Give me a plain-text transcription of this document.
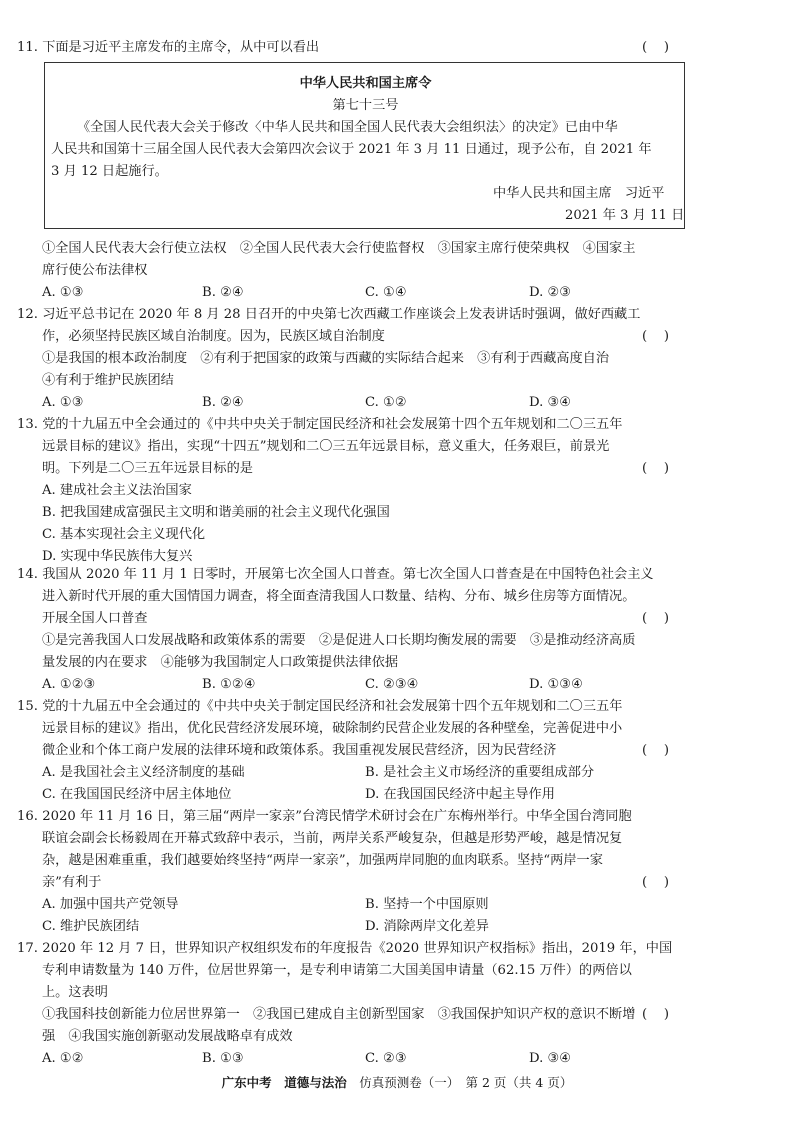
11. 下面是习近平主席发布的主席令，从中可以看出	(    )
中华人民共和国主席令
第七十三号
《全国人民代表大会关于修改〈中华人民共和国全国人民代表大会组织法〉的决定》已由中华
人民共和国第十三届全国人民代表大会第四次会议于 2021 年 3 月 11 日通过，现予公布，自 2021 年
3 月 12 日起施行。
中华人民共和国主席　习近平
2021 年 3 月 11 日
①全国人民代表大会行使立法权　②全国人民代表大会行使监督权　③国家主席行使荣典权　④国家主
席行使公布法律权
A. ①③	B. ②④	C. ①④	D. ②③
12. 习近平总书记在 2020 年 8 月 28 日召开的中央第七次西藏工作座谈会上发表讲话时强调，做好西藏工
作，必须坚持民族区域自治制度。因为，民族区域自治制度	(    )
①是我国的根本政治制度　②有利于把国家的政策与西藏的实际结合起来　③有利于西藏高度自治
④有利于维护民族团结
A. ①③	B. ②④	C. ①②	D. ③④
13. 党的十九届五中全会通过的《中共中央关于制定国民经济和社会发展第十四个五年规划和二〇三五年
远景目标的建议》指出，实现“十四五”规划和二〇三五年远景目标，意义重大，任务艰巨，前景光
明。下列是二〇三五年远景目标的是	(    )
A. 建成社会主义法治国家
B. 把我国建成富强民主文明和谐美丽的社会主义现代化强国
C. 基本实现社会主义现代化
D. 实现中华民族伟大复兴
14. 我国从 2020 年 11 月 1 日零时，开展第七次全国人口普查。第七次全国人口普查是在中国特色社会主义
进入新时代开展的重大国情国力调查，将全面查清我国人口数量、结构、分布、城乡住房等方面情况。
开展全国人口普查	(    )
①是完善我国人口发展战略和政策体系的需要　②是促进人口长期均衡发展的需要　③是推动经济高质
量发展的内在要求　④能够为我国制定人口政策提供法律依据
A. ①②③	B. ①②④	C. ②③④	D. ①③④
15. 党的十九届五中全会通过的《中共中央关于制定国民经济和社会发展第十四个五年规划和二〇三五年
远景目标的建议》指出，优化民营经济发展环境，破除制约民营企业发展的各种壁垒，完善促进中小
微企业和个体工商户发展的法律环境和政策体系。我国重视发展民营经济，因为民营经济	(    )
A. 是我国社会主义经济制度的基础	B. 是社会主义市场经济的重要组成部分
C. 在我国国民经济中居主体地位	D. 在我国国民经济中起主导作用
16. 2020 年 11 月 16 日，第三届“两岸一家亲”台湾民情学术研讨会在广东梅州举行。中华全国台湾同胞
联谊会副会长杨毅周在开幕式致辞中表示，当前，两岸关系严峻复杂，但越是形势严峻，越是情况复
杂，越是困难重重，我们越要始终坚持“两岸一家亲”，加强两岸同胞的血肉联系。坚持“两岸一家
亲”有利于	(    )
A. 加强中国共产党领导	B. 坚持一个中国原则
C. 维护民族团结	D. 消除两岸文化差异
17. 2020 年 12 月 7 日，世界知识产权组织发布的年度报告《2020 世界知识产权指标》指出，2019 年，中国
专利申请数量为 140 万件，位居世界第一，是专利申请第二大国美国申请量（62.15 万件）的两倍以
上。这表明
①我国科技创新能力位居世界第一　②我国已建成自主创新型国家　③我国保护知识产权的意识不断增 (    )
强　④我国实施创新驱动发展战略卓有成效
A. ①②	B. ①③	C. ②③	D. ③④
广东中考　 道德与法治　 仿真预测卷（一）　 第 2 页（共 4 页）
